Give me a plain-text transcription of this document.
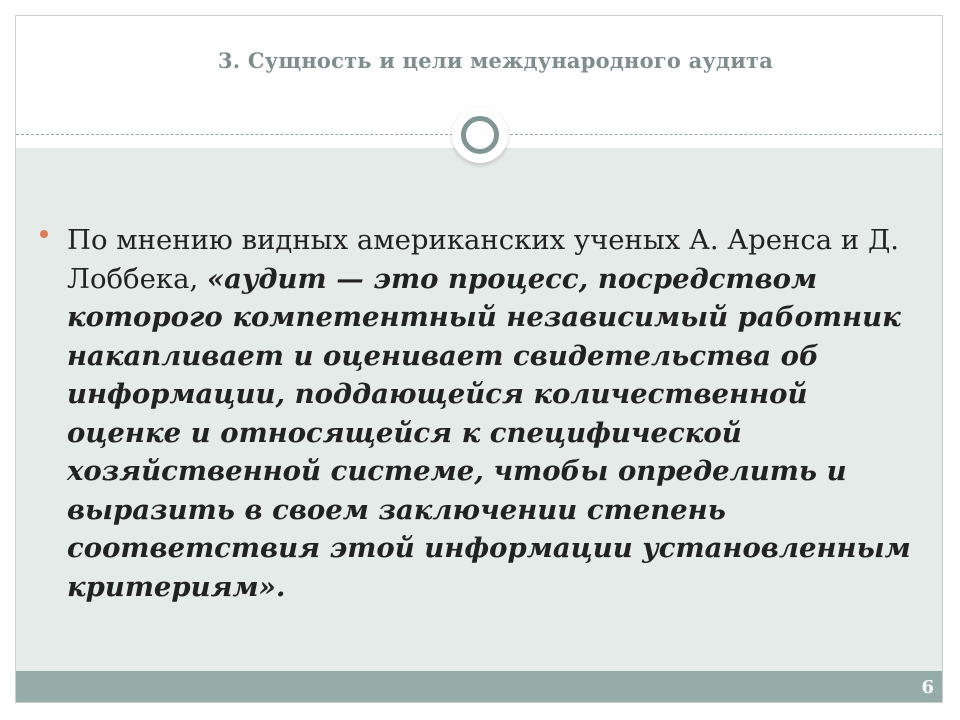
3. Сущность и цели международного аудита
По мнению видных американских ученых А. Аренса и Д. Лоббека, «аудит — это процесс, посредством которого компетентный независимый работник накапливает и оценивает свидетельства об информации, поддающейся количественной оценке и относящейся к специфической хозяйственной системе, чтобы определить и выразить в своем заключении степень соответствия этой информации установленным критериям».
6
